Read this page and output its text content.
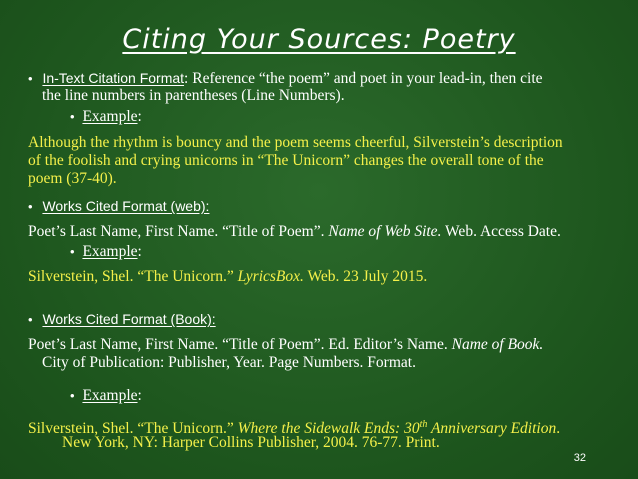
Citing Your Sources: Poetry
• In-Text Citation Format: Reference “the poem” and poet in your lead-in, then cite
the line numbers in parentheses (Line Numbers).
• Example:
Although the rhythm is bouncy and the poem seems cheerful, Silverstein’s description
of the foolish and crying unicorns in “The Unicorn” changes the overall tone of the
poem (37-40).
• Works Cited Format (web):
Poet’s Last Name, First Name. “Title of Poem”. Name of Web Site. Web. Access Date.
• Example:
Silverstein, Shel. “The Unicorn.” LyricsBox. Web. 23 July 2015.
• Works Cited Format (Book):
Poet’s Last Name, First Name. “Title of Poem”. Ed. Editor’s Name. Name of Book.
City of Publication: Publisher, Year. Page Numbers. Format.
• Example:
Silverstein, Shel. “The Unicorn.” Where the Sidewalk Ends: 30th Anniversary Edition.
New York, NY: Harper Collins Publisher, 2004. 76-77. Print.
32
